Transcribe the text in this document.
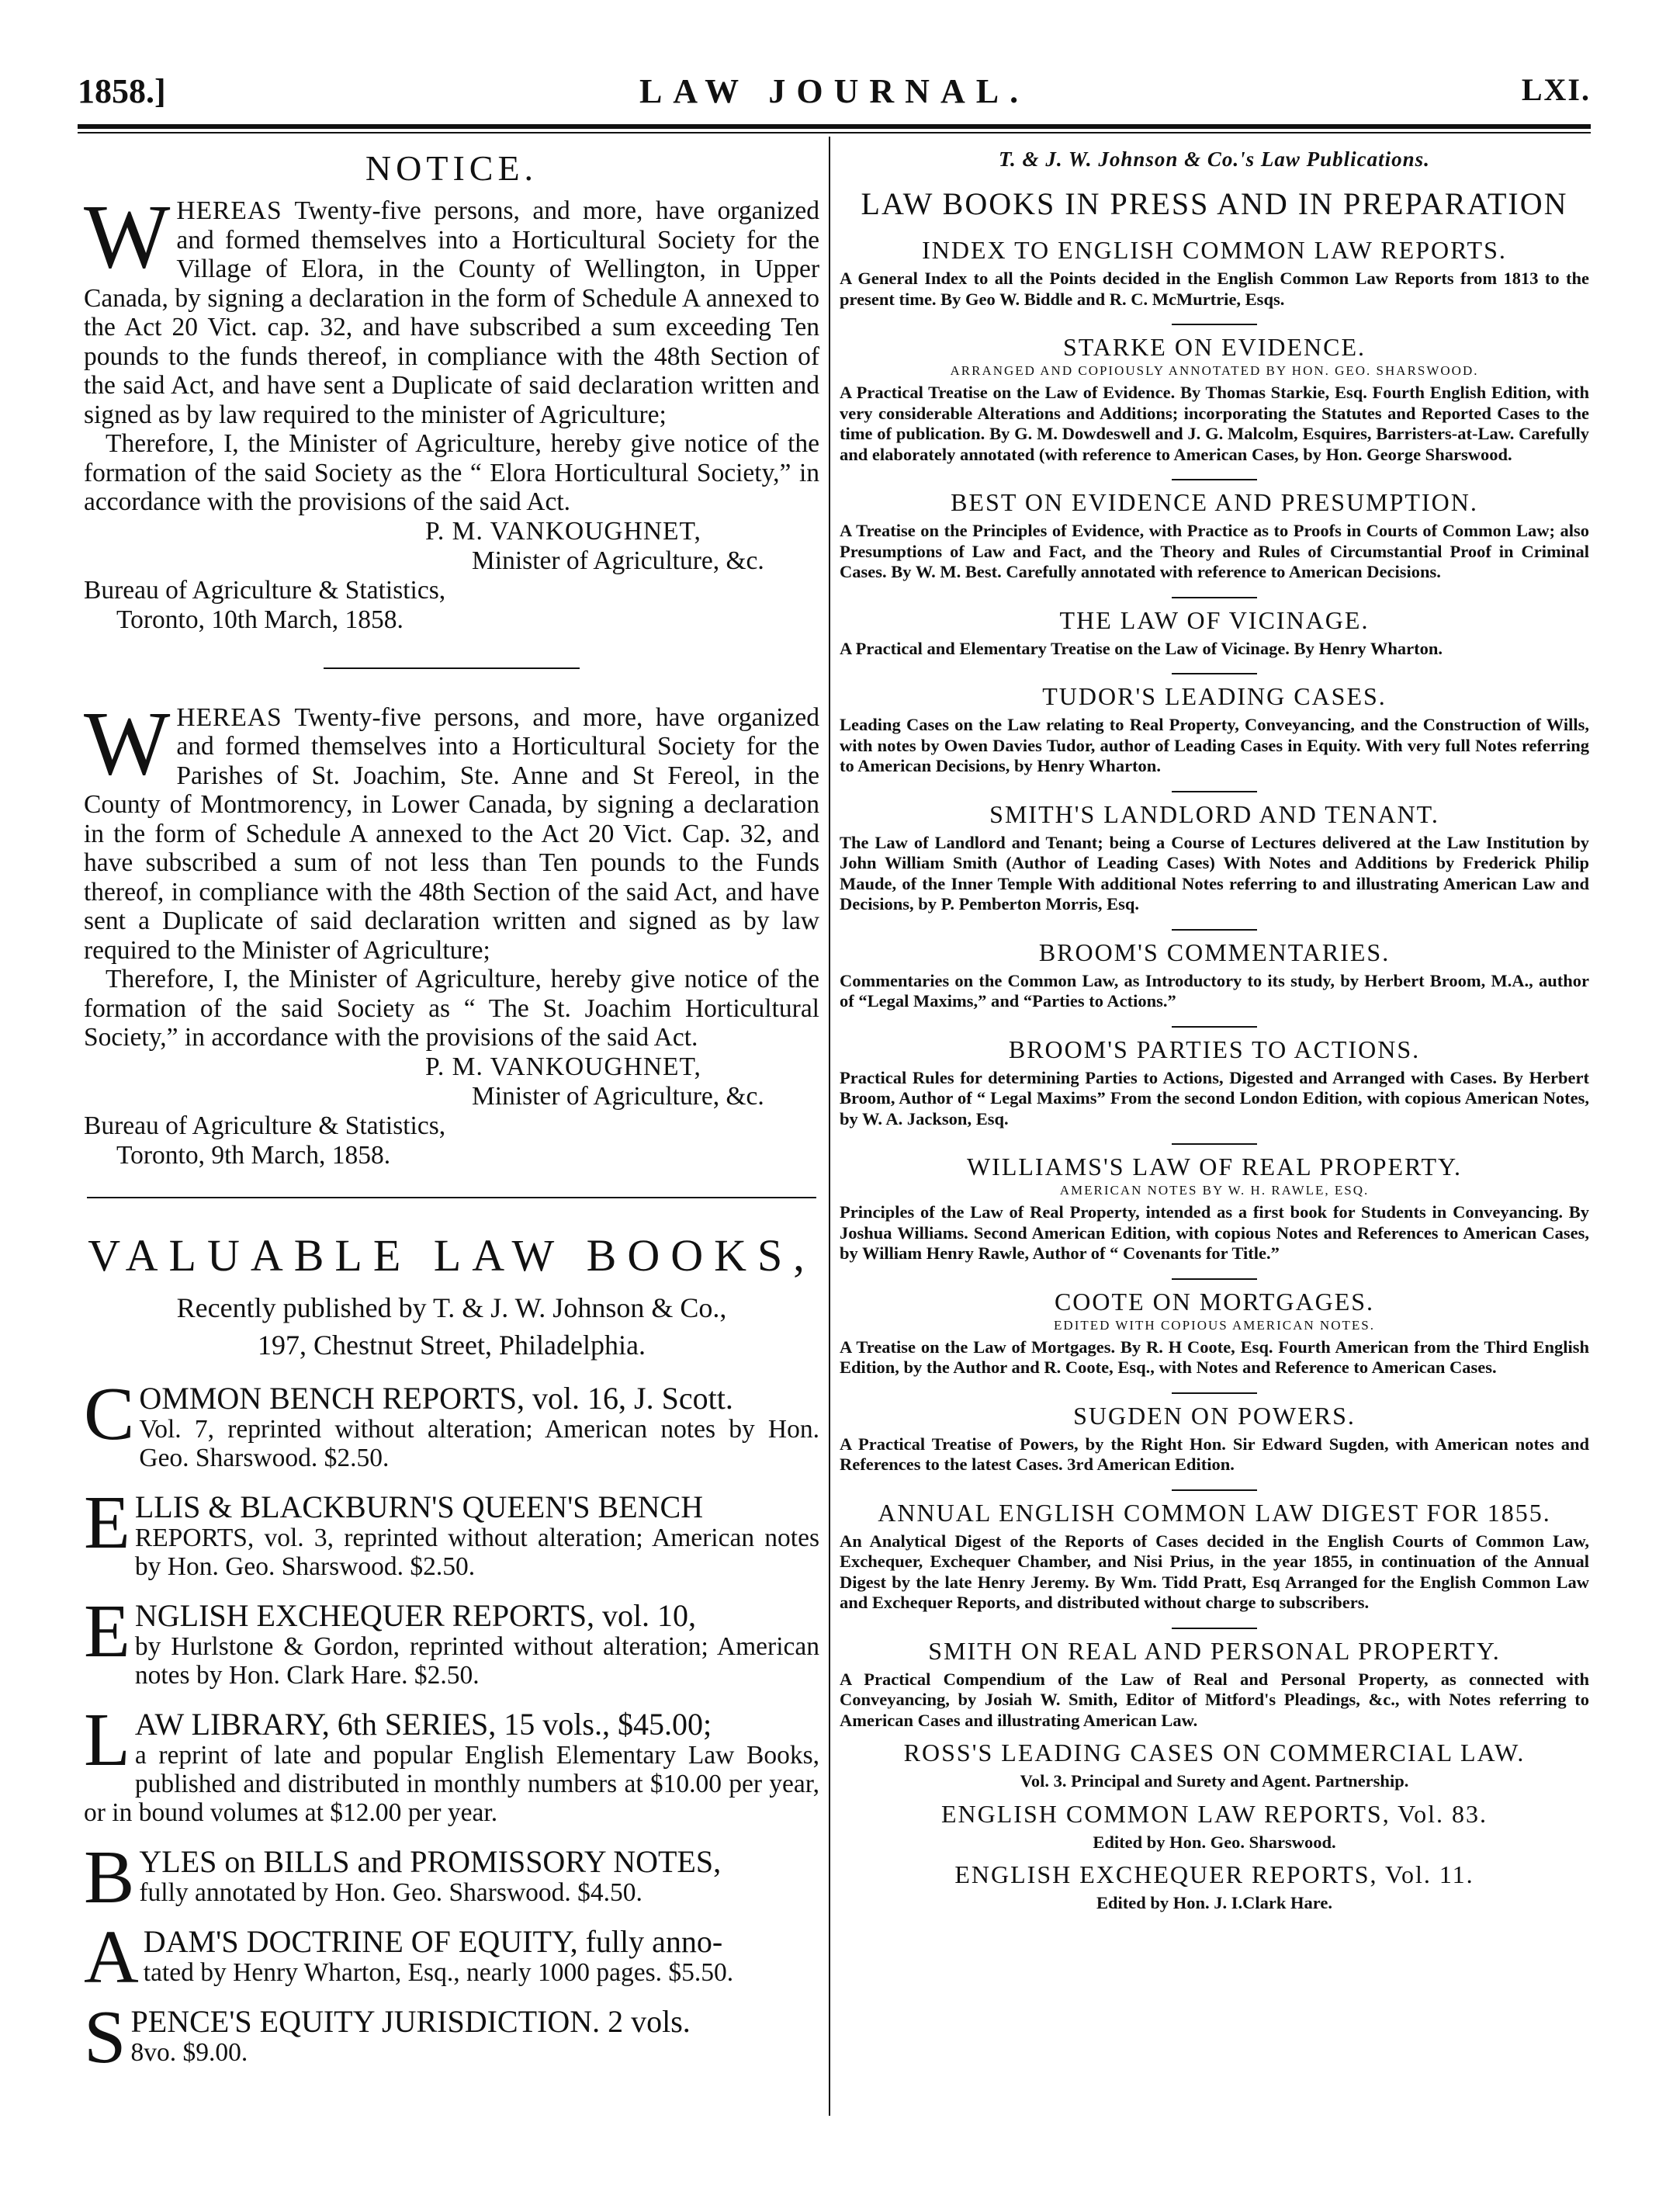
LAW JOURNAL.
1858.]	LXI.
NOTICE.

WHEREAS Twenty-five persons, and more, have organized and formed themselves into a Horticultural Society for the Village of Elora, in the County of Wellington, in Upper Canada, by signing a declaration in the form of Schedule A annexed to the Act 20 Vict. cap. 32, and have subscribed a sum exceeding Ten pounds to the funds thereof, in compliance with the 48th Section of the said Act, and have sent a Duplicate of said declaration written and signed as by law required to the minister of Agriculture;

Therefore, I, the Minister of Agriculture, hereby give notice of the formation of the said Society as the “ Elora Horticultural Society,” in accordance with the provisions of the said Act.

P. M. VANKOUGHNET,
Minister of Agriculture, &c.

Bureau of Agriculture & Statistics,

Toronto, 10th March, 1858.

WHEREAS Twenty-five persons, and more, have organized and formed themselves into a Horticultural Society for the Parishes of St. Joachim, Ste. Anne and St Fereol, in the County of Montmorency, in Lower Canada, by signing a declaration in the form of Schedule A annexed to the Act 20 Vict. Cap. 32, and have subscribed a sum of not less than Ten pounds to the Funds thereof, in compliance with the 48th Section of the said Act, and have sent a Duplicate of said declaration written and signed as by law required to the Minister of Agriculture;

Therefore, I, the Minister of Agriculture, hereby give notice of the formation of the said Society as “ The St. Joachim Horticultural Society,” in accordance with the provisions of the said Act.

P. M. VANKOUGHNET,
Minister of Agriculture, &c.

Bureau of Agriculture & Statistics,

Toronto, 9th March, 1858.

VALUABLE LAW BOOKS,

Recently published by T. & J. W. Johnson & Co.,

197, Chestnut Street, Philadelphia.

C OMMON BENCH REPORTS, vol. 16, J. Scott.
Vol. 7, reprinted without alteration; American notes by Hon. Geo. Sharswood. $2.50.
E LLIS & BLACKBURN'S QUEEN'S BENCH
REPORTS, vol. 3, reprinted without alteration; American notes by Hon. Geo. Sharswood. $2.50.
E NGLISH EXCHEQUER REPORTS, vol. 10,
by Hurlstone & Gordon, reprinted without alteration; American notes by Hon. Clark Hare. $2.50.
L AW LIBRARY, 6th SERIES, 15 vols., $45.00;
a reprint of late and popular English Elementary Law Books, published and distributed in monthly numbers at $10.00 per year, or in bound volumes at $12.00 per year.
B YLES on BILLS and PROMISSORY NOTES,
fully annotated by Hon. Geo. Sharswood. $4.50.
A DAM'S DOCTRINE OF EQUITY, fully anno-
tated by Henry Wharton, Esq., nearly 1000 pages. $5.50.
S PENCE'S EQUITY JURISDICTION. 2 vols.
8vo. $9.00.
T. & J. W. Johnson & Co.'s Law Publications.
LAW BOOKS IN PRESS AND IN PREPARATION
INDEX TO ENGLISH COMMON LAW REPORTS.

A General Index to all the Points decided in the English Common Law Reports from 1813 to the present time. By Geo W. Biddle and R. C. McMurtrie, Esqs.

STARKE ON EVIDENCE.
ARRANGED AND COPIOUSLY ANNOTATED BY HON. GEO. SHARSWOOD.

A Practical Treatise on the Law of Evidence. By Thomas Starkie, Esq. Fourth English Edition, with very considerable Alterations and Additions; incorporating the Statutes and Reported Cases to the time of publication. By G. M. Dowdeswell and J. G. Malcolm, Esquires, Barristers-at-Law. Carefully and elaborately annotated (with reference to American Cases, by Hon. George Sharswood.

BEST ON EVIDENCE AND PRESUMPTION.

A Treatise on the Principles of Evidence, with Practice as to Proofs in Courts of Common Law; also Presumptions of Law and Fact, and the Theory and Rules of Circumstantial Proof in Criminal Cases. By W. M. Best. Carefully annotated with reference to American Decisions.

THE LAW OF VICINAGE.

A Practical and Elementary Treatise on the Law of Vicinage. By Henry Wharton.

TUDOR'S LEADING CASES.

Leading Cases on the Law relating to Real Property, Conveyancing, and the Construction of Wills, with notes by Owen Davies Tudor, author of Leading Cases in Equity. With very full Notes referring to American Decisions, by Henry Wharton.

SMITH'S LANDLORD AND TENANT.

The Law of Landlord and Tenant; being a Course of Lectures delivered at the Law Institution by John William Smith (Author of Leading Cases) With Notes and Additions by Frederick Philip Maude, of the Inner Temple With additional Notes referring to and illustrating American Law and Decisions, by P. Pemberton Morris, Esq.

BROOM'S COMMENTARIES.

Commentaries on the Common Law, as Introductory to its study, by Herbert Broom, M.A., author of “Legal Maxims,” and “Parties to Actions.”

BROOM'S PARTIES TO ACTIONS.

Practical Rules for determining Parties to Actions, Digested and Arranged with Cases. By Herbert Broom, Author of “ Legal Maxims” From the second London Edition, with copious American Notes, by W. A. Jackson, Esq.

WILLIAMS'S LAW OF REAL PROPERTY.
AMERICAN NOTES BY W. H. RAWLE, ESQ.

Principles of the Law of Real Property, intended as a first book for Students in Conveyancing. By Joshua Williams. Second American Edition, with copious Notes and References to American Cases, by William Henry Rawle, Author of “ Covenants for Title.”

COOTE ON MORTGAGES.
EDITED WITH COPIOUS AMERICAN NOTES.

A Treatise on the Law of Mortgages. By R. H Coote, Esq. Fourth American from the Third English Edition, by the Author and R. Coote, Esq., with Notes and Reference to American Cases.

SUGDEN ON POWERS.

A Practical Treatise of Powers, by the Right Hon. Sir Edward Sugden, with American notes and References to the latest Cases. 3rd American Edition.

ANNUAL ENGLISH COMMON LAW DIGEST FOR 1855.

An Analytical Digest of the Reports of Cases decided in the English Courts of Common Law, Exchequer, Exchequer Chamber, and Nisi Prius, in the year 1855, in continuation of the Annual Digest by the late Henry Jeremy. By Wm. Tidd Pratt, Esq Arranged for the English Common Law and Exchequer Reports, and distributed without charge to subscribers.

SMITH ON REAL AND PERSONAL PROPERTY.

A Practical Compendium of the Law of Real and Personal Property, as connected with Conveyancing, by Josiah W. Smith, Editor of Mitford's Pleadings, &c., with Notes referring to American Cases and illustrating American Law.

ROSS'S LEADING CASES ON COMMERCIAL LAW.

Vol. 3. Principal and Surety and Agent. Partnership.

ENGLISH COMMON LAW REPORTS, Vol. 83.

Edited by Hon. Geo. Sharswood.

ENGLISH EXCHEQUER REPORTS, Vol. 11.

Edited by Hon. J. I.Clark Hare.
